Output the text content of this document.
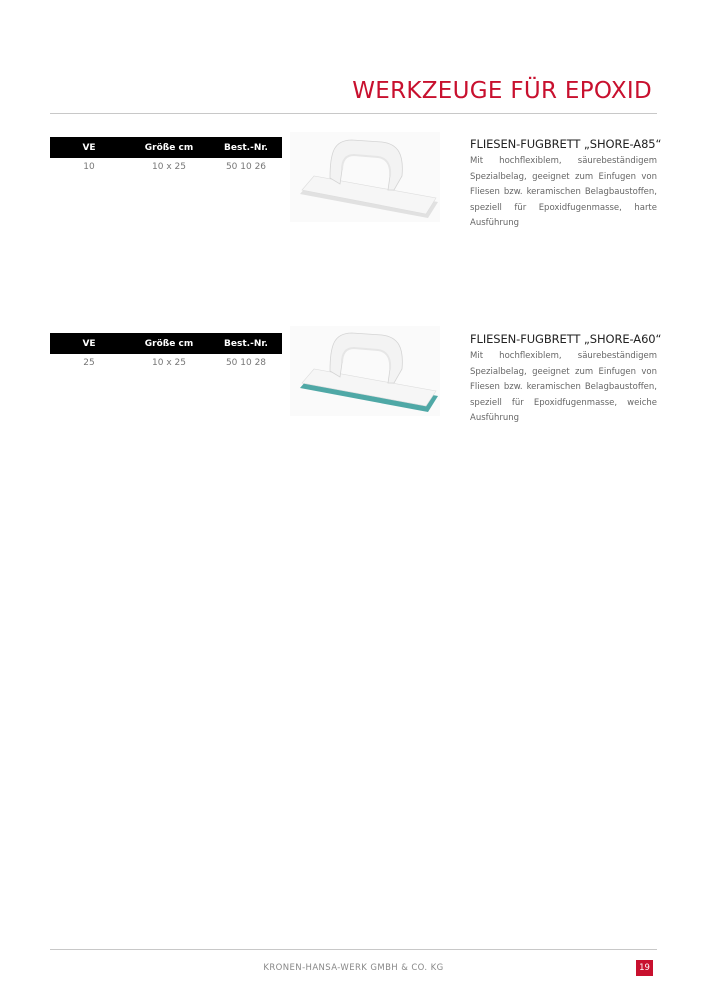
WERKZEUGE FÜR EPOXID
VE	Größe cm	Best.-Nr.
10	10 x 25	50 10 26
FLIESEN-FUGBRETT „SHORE-A85“

Mit hochflexiblem, säurebeständigem Spezialbelag, geeignet zum Einfugen von Fliesen bzw. keramischen Belagbaustoffen, speziell für Epoxidfugenmasse, harte Ausführung

VE	Größe cm	Best.-Nr.
25	10 x 25	50 10 28
FLIESEN-FUGBRETT „SHORE-A60“

Mit hochflexiblem, säurebeständigem Spezialbelag, geeignet zum Einfugen von Fliesen bzw. keramischen Belagbaustoffen, speziell für Epoxidfugenmasse, weiche Ausführung

KRONEN-HANSA-WERK GMBH & CO. KG	19
